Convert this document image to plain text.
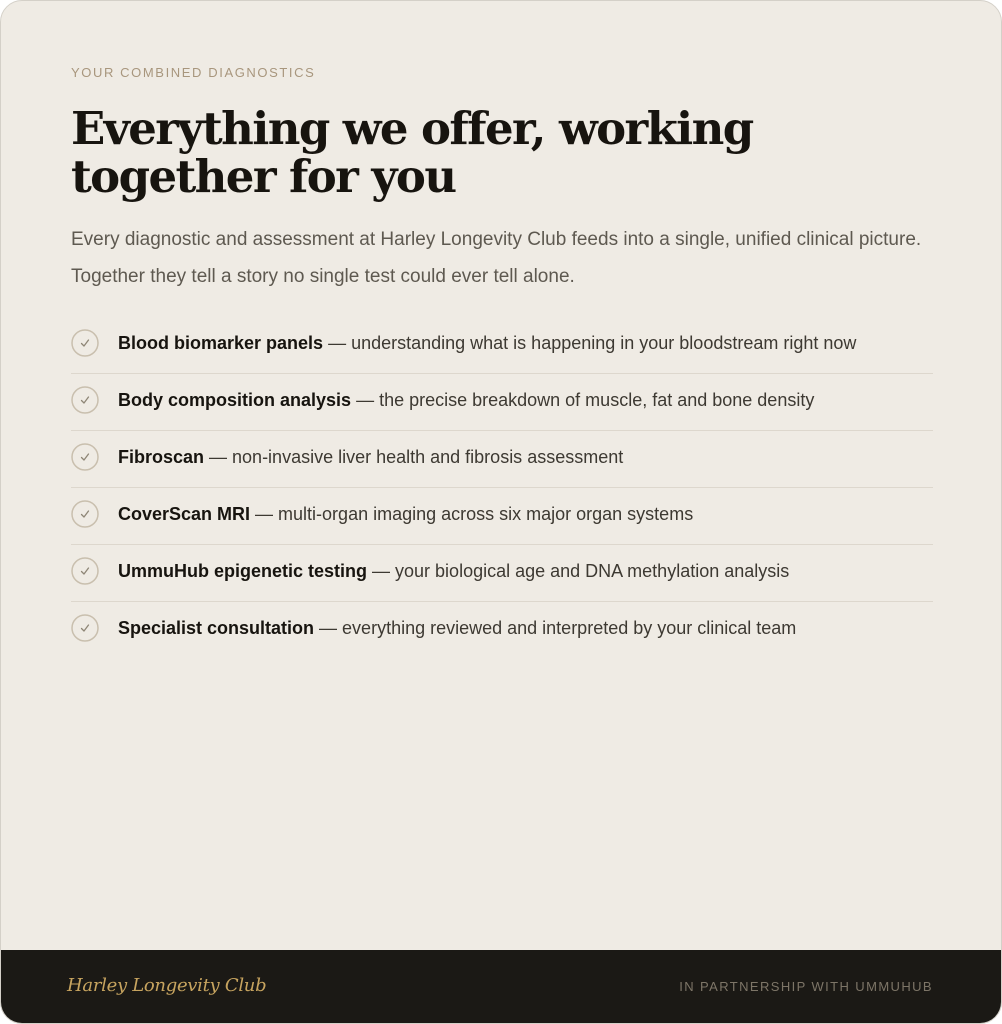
YOUR COMBINED DIAGNOSTICS
Everything we offer, working together for you

Every diagnostic and assessment at Harley Longevity Club feeds into a single, unified clinical picture. Together they tell a story no single test could ever tell alone.

Blood biomarker panels — understanding what is happening in your bloodstream right now
Body composition analysis — the precise breakdown of muscle, fat and bone density
Fibroscan — non-invasive liver health and fibrosis assessment
CoverScan MRI — multi-organ imaging across six major organ systems
UmmuHub epigenetic testing — your biological age and DNA methylation analysis
Specialist consultation — everything reviewed and interpreted by your clinical team
Harley Longevity Club	IN PARTNERSHIP WITH UMMUHUB
